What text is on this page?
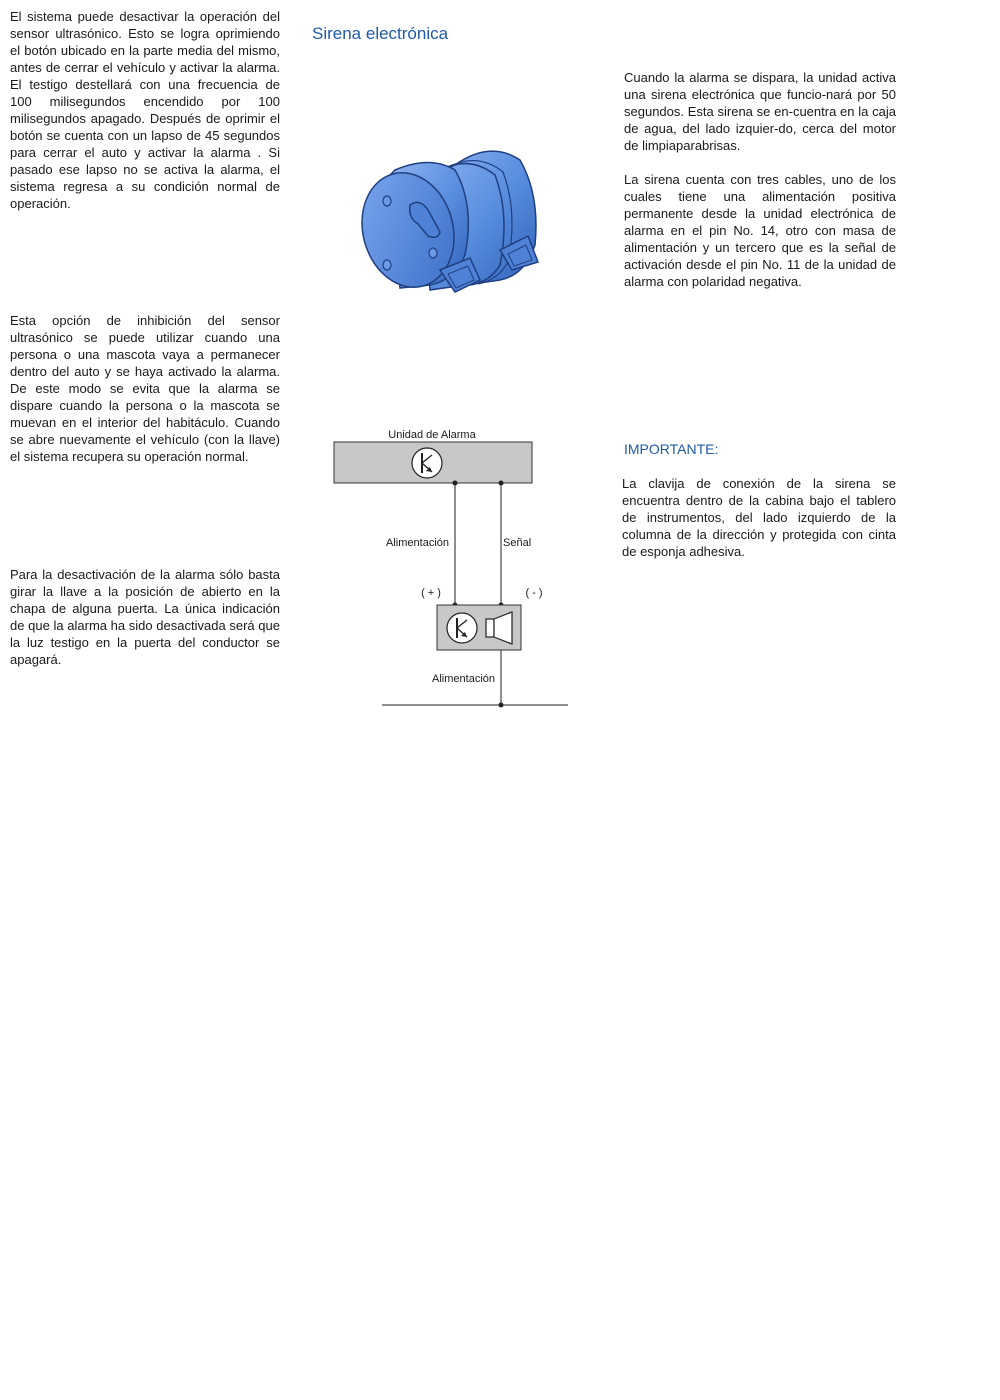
El sistema puede desactivar la operación del sensor ultrasónico. Esto se logra oprimiendo el botón ubicado en la parte media del mismo, antes de cerrar el vehículo y activar la alarma. El testigo destellará con una frecuencia de 100 milisegundos encendido por 100 milisegundos apagado. Después de oprimir el botón se cuenta con un lapso de 45 segundos para cerrar el auto y activar la alarma . Si pasado ese lapso no se activa la alarma, el sistema regresa a su condición normal de operación.

Esta opción de inhibición del sensor ultrasónico se puede utilizar cuando una persona o una mascota vaya a permanecer dentro del auto y se haya activado la alarma. De este modo se evita que la alarma se dispare cuando la persona o la mascota se muevan en el interior del habitáculo. Cuando se abre nuevamente el vehículo (con la llave) el sistema recupera su operación normal.

Para la desactivación de la alarma sólo basta girar la llave a la posición de abierto en la chapa de alguna puerta. La única indicación de que la alarma ha sido desactivada será que la luz testigo en la puerta del conductor se apagará.

Sirena electrónica
Unidad de Alarma
Alimentación	Señal
( + )	( - )
Alimentación

Cuando la alarma se dispara, la unidad activa una sirena electrónica que funcio-nará por 50 segundos. Esta sirena se en-cuentra en la caja de agua, del lado izquier-do, cerca del motor de limpiaparabrisas.

La sirena cuenta con tres cables, uno de los cuales tiene una alimentación positiva permanente desde la unidad electrónica de alarma en el pin No. 14, otro con masa de alimentación y un tercero que es la señal de activación desde el pin No. 11 de la unidad de alarma con polaridad negativa.

IMPORTANTE:

La clavija de conexión de la sirena se encuentra dentro de la cabina bajo el tablero de instrumentos, del lado izquierdo de la columna de la dirección y protegida con cinta de esponja adhesiva.
